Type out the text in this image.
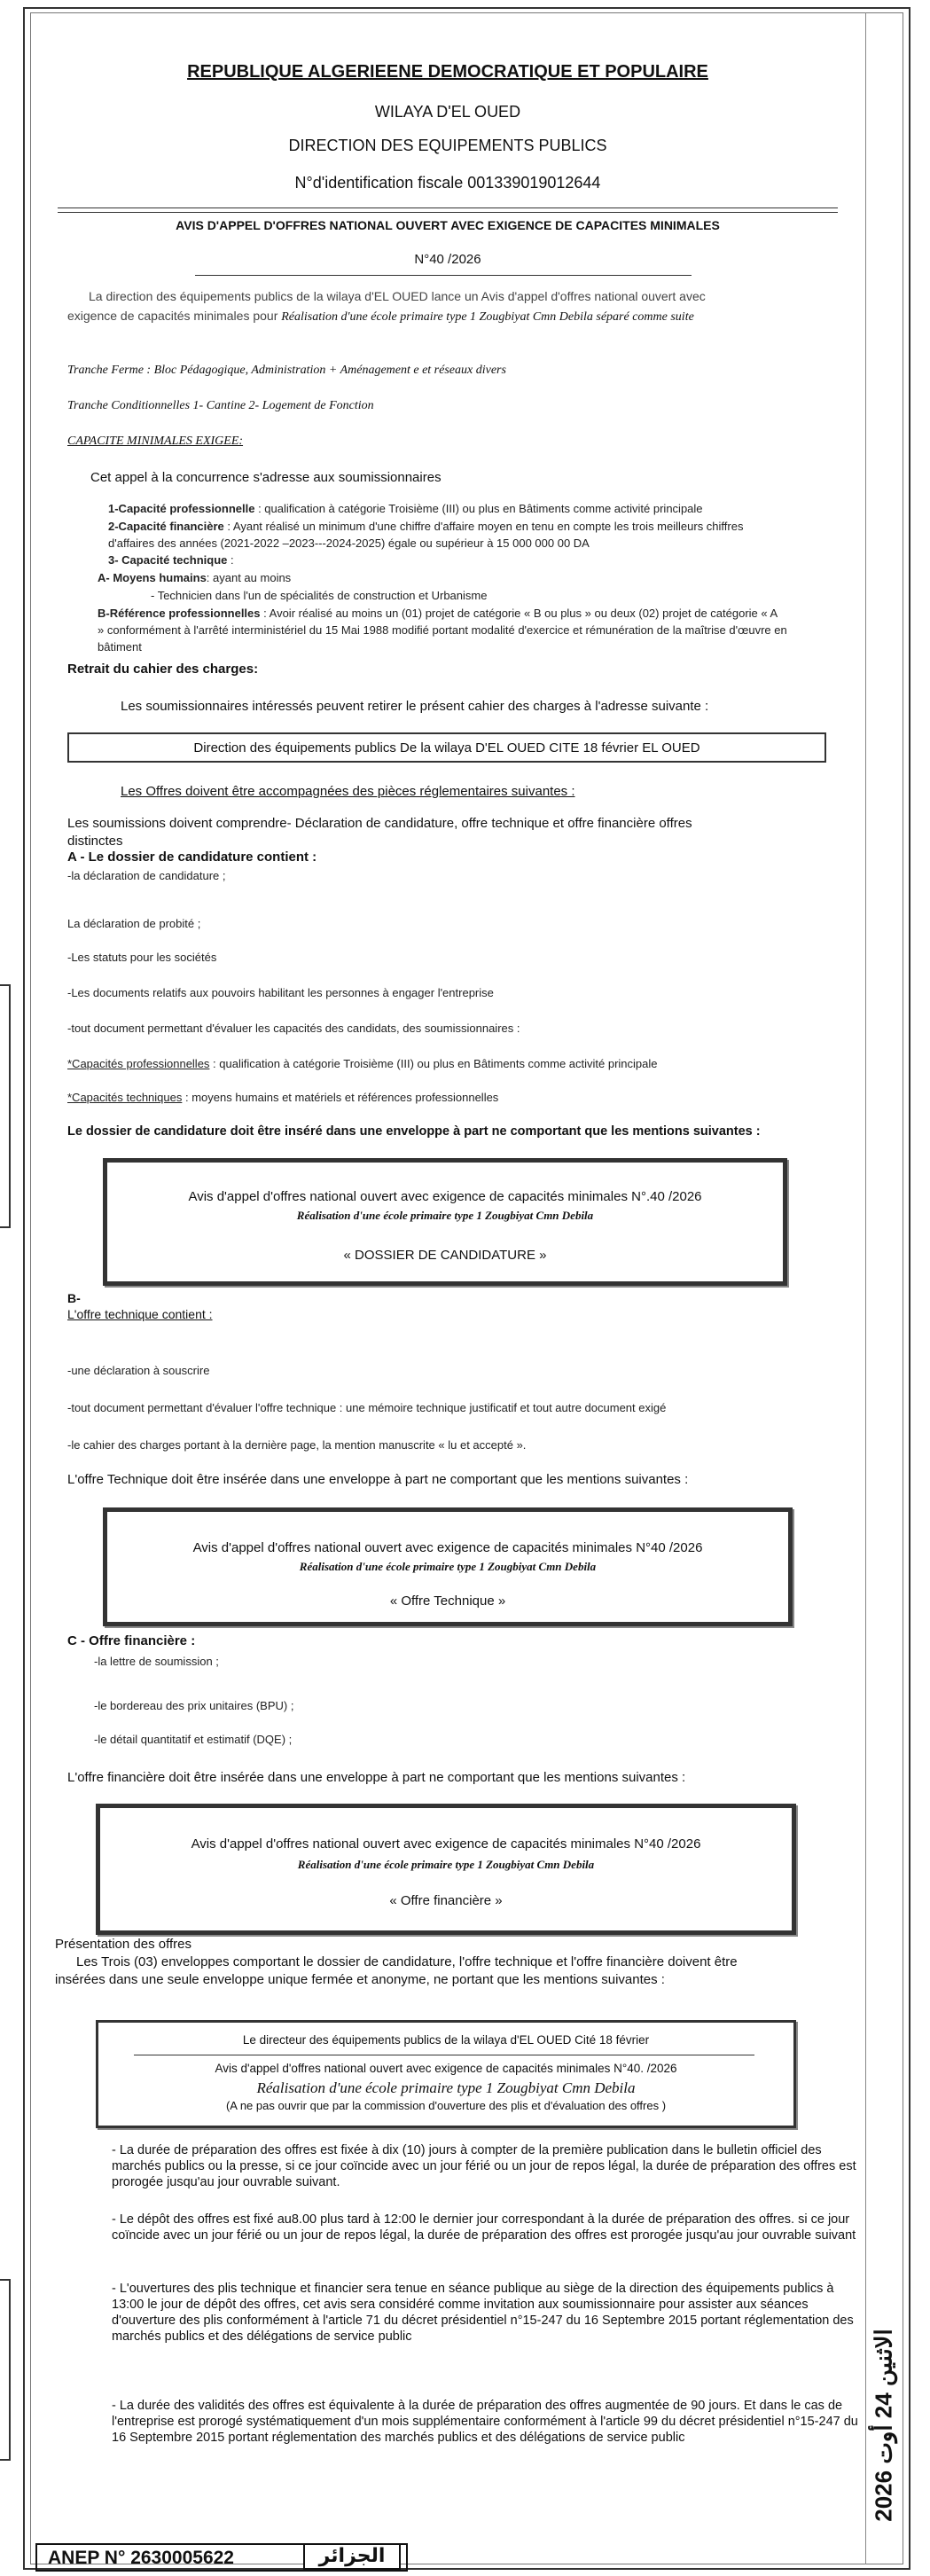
REPUBLIQUE ALGERIEENE DEMOCRATIQUE ET POPULAIRE
WILAYA D'EL OUED
DIRECTION DES EQUIPEMENTS PUBLICS
N°d'identification fiscale 001339019012644
AVIS D'APPEL D'OFFRES NATIONAL OUVERT AVEC EXIGENCE DE CAPACITES MINIMALES
N°40 /2026
La direction des équipements publics de la wilaya d'EL OUED lance un Avis d'appel d'offres national ouvert avec
exigence de capacités minimales pour Réalisation d'une école primaire type 1 Zougbiyat Cmn Debila séparé comme suite
Tranche Ferme : Bloc Pédagogique, Administration + Aménagement e et réseaux divers
Tranche Conditionnelles 1- Cantine 2- Logement de Fonction
CAPACITE MINIMALES EXIGEE:
Cet appel à la concurrence s'adresse aux soumissionnaires
1-Capacité professionnelle : qualification à catégorie Troisième (III) ou plus en Bâtiments comme activité principale
2-Capacité financière : Ayant réalisé un minimum d'une chiffre d'affaire moyen en tenu en compte les trois meilleurs chiffres
d'affaires des années (2021-2022 –2023---2024-2025) égale ou supérieur à 15 000 000 00 DA
3- Capacité technique :
A- Moyens humains: ayant au moins
- Technicien dans l'un de spécialités de construction et Urbanisme
B-Référence professionnelles : Avoir réalisé au moins un (01) projet de catégorie « B ou plus » ou deux (02) projet de catégorie « A
» conformément à l'arrêté interministériel du 15 Mai 1988 modifié portant modalité d'exercice et rémunération de la maîtrise d'œuvre en
bâtiment
Retrait du cahier des charges:
Les soumissionnaires intéressés peuvent retirer le présent cahier des charges à l'adresse suivante :
Direction des équipements publics De la wilaya D'EL OUED CITE 18 février EL OUED
Les Offres doivent être accompagnées des pièces réglementaires suivantes :
Les soumissions doivent comprendre- Déclaration de candidature, offre technique et offre financière offres
distinctes
A - Le dossier de candidature contient :
-la déclaration de candidature ;
La déclaration de probité ;
-Les statuts pour les sociétés
-Les documents relatifs aux pouvoirs habilitant les personnes à engager l'entreprise
-tout document permettant d'évaluer les capacités des candidats, des soumissionnaires :
*Capacités professionnelles : qualification à catégorie Troisième (III) ou plus en Bâtiments comme activité principale
*Capacités techniques : moyens humains et matériels et références professionnelles
Le dossier de candidature doit être inséré dans une enveloppe à part ne comportant que les mentions suivantes :
Avis d'appel d'offres national ouvert avec exigence de capacités minimales N°.40 /2026
Réalisation d'une école primaire type 1 Zougbiyat Cmn Debila
« DOSSIER DE CANDIDATURE »
B-
L'offre technique contient :
-une déclaration à souscrire
-tout document permettant d'évaluer l'offre technique : une mémoire technique justificatif et tout autre document exigé
-le cahier des charges portant à la dernière page, la mention manuscrite « lu et accepté ».
L'offre Technique doit être insérée dans une enveloppe à part ne comportant que les mentions suivantes :
Avis d'appel d'offres national ouvert avec exigence de capacités minimales N°40 /2026
Réalisation d'une école primaire type 1 Zougbiyat Cmn Debila
« Offre Technique »
C - Offre financière :
-la lettre de soumission ;
-le bordereau des prix unitaires (BPU) ;
-le détail quantitatif et estimatif (DQE) ;
L'offre financière doit être insérée dans une enveloppe à part ne comportant que les mentions suivantes :
Avis d'appel d'offres national ouvert avec exigence de capacités minimales N°40 /2026
Réalisation d'une école primaire type 1 Zougbiyat Cmn Debila
« Offre financière »
Présentation des offres
Les Trois (03) enveloppes comportant le dossier de candidature, l'offre technique et l'offre financière doivent être
insérées dans une seule enveloppe unique fermée et anonyme, ne portant que les mentions suivantes :
Le directeur des équipements publics de la wilaya d'EL OUED Cité 18 février
Avis d'appel d'offres national ouvert avec exigence de capacités minimales N°40. /2026
Réalisation d'une école primaire type 1 Zougbiyat Cmn Debila
(A ne pas ouvrir que par la commission d'ouverture des plis et d'évaluation des offres )
- La durée de préparation des offres est fixée à dix (10) jours à compter de la première publication dans le bulletin officiel des marchés publics ou la presse, si ce jour coïncide avec un jour férié ou un jour de repos légal, la durée de préparation des offres est prorogée jusqu'au jour ouvrable suivant.
- Le dépôt des offres est fixé au8.00 plus tard à 12:00 le dernier jour correspondant à la durée de préparation des offres. si ce jour coïncide avec un jour férié ou un jour de repos légal, la durée de préparation des offres est prorogée jusqu'au jour ouvrable suivant
- L'ouvertures des plis technique et financier sera tenue en séance publique au siège de la direction des équipements publics à 13:00 le jour de dépôt des offres, cet avis sera considéré comme invitation aux soumissionnaire pour assister aux séances d'ouverture des plis conformément à l'article 71 du décret présidentiel n°15-247 du 16 Septembre 2015 portant réglementation des marchés publics et des délégations de service public
- La durée des validités des offres est équivalente à la durée de préparation des offres augmentée de 90 jours. Et dans le cas de l'entreprise est prorogé systématiquement d'un mois supplémentaire conformément à l'article 99 du décret présidentiel n°15-247 du 16 Septembre 2015 portant réglementation des marchés publics et des délégations de service public
الاثنين 24 أوت 2026
ANEP N° 2630005622	الجزائر
